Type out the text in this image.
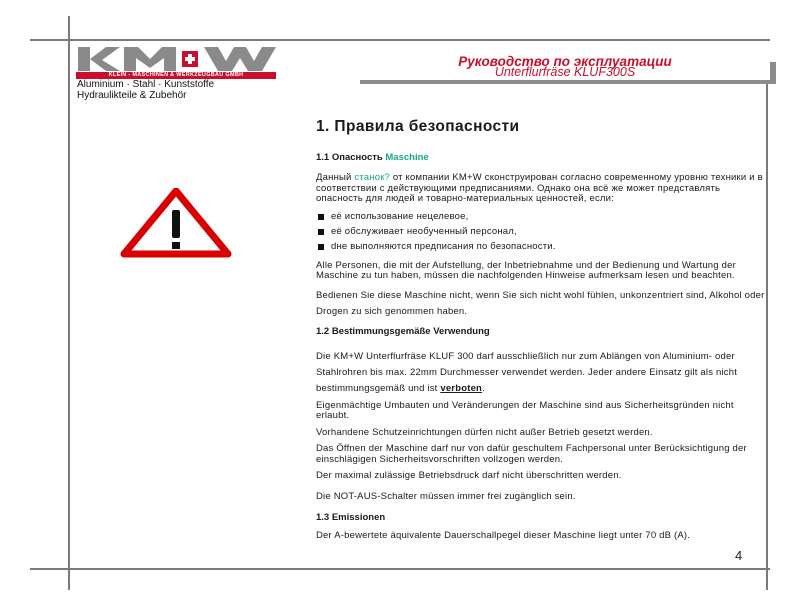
KLEIN - MASCHINEN & WERKZEUGBAU GMBH
Aluminium · Stahl · Kunststoffe
Hydraulikteile & Zubehör
Руководство по эксплуатации
Unterflurfräse KLUF300S
1. Правила безопасности
1.1 Опасность Maschine
Данный станок? от компании KM+W сконструирован согласно современному уровню техники и в соответствии с действующими предписаниями. Однако она всё же может представлять опасность для людей и товарно-материальных ценностей, если:
её использование нецелевое,
её обслуживает необученный персонал,
dне выполняются предписания по безопасности.
Alle Personen, die mit der Aufstellung, der Inbetriebnahme und der Bedienung und Wartung der Maschine zu tun haben, müssen die nachfolgenden Hinweise aufmerksam lesen und beachten.
Bedienen Sie diese Maschine nicht, wenn Sie sich nicht wohl fühlen, unkonzentriert sind, Alkohol oder Drogen zu sich genommen haben.
1.2 Bestimmungsgemäße Verwendung
Die KM+W Unterflurfräse KLUF 300 darf ausschließlich nur zum Ablängen von Aluminium- oder Stahlrohren bis max. 22mm Durchmesser verwendet werden. Jeder andere Einsatz gilt als nicht bestimmungsgemäß und ist verboten.
Eigenmächtige Umbauten und Veränderungen der Maschine sind aus Sicherheitsgründen nicht erlaubt.
Vorhandene Schutzeinrichtungen dürfen nicht außer Betrieb gesetzt werden.
Das Öffnen der Maschine darf nur von dafür geschultem Fachpersonal unter Berücksichtigung der einschlägigen Sicherheitsvorschriften vollzogen werden.
Der maximal zulässige Betriebsdruck darf nicht überschritten werden.
Die NOT-AUS-Schalter müssen immer frei zugänglich sein.
1.3 Emissionen
Der A-bewertete äquivalente Dauerschallpegel dieser Maschine liegt unter 70 dB (A).
4
